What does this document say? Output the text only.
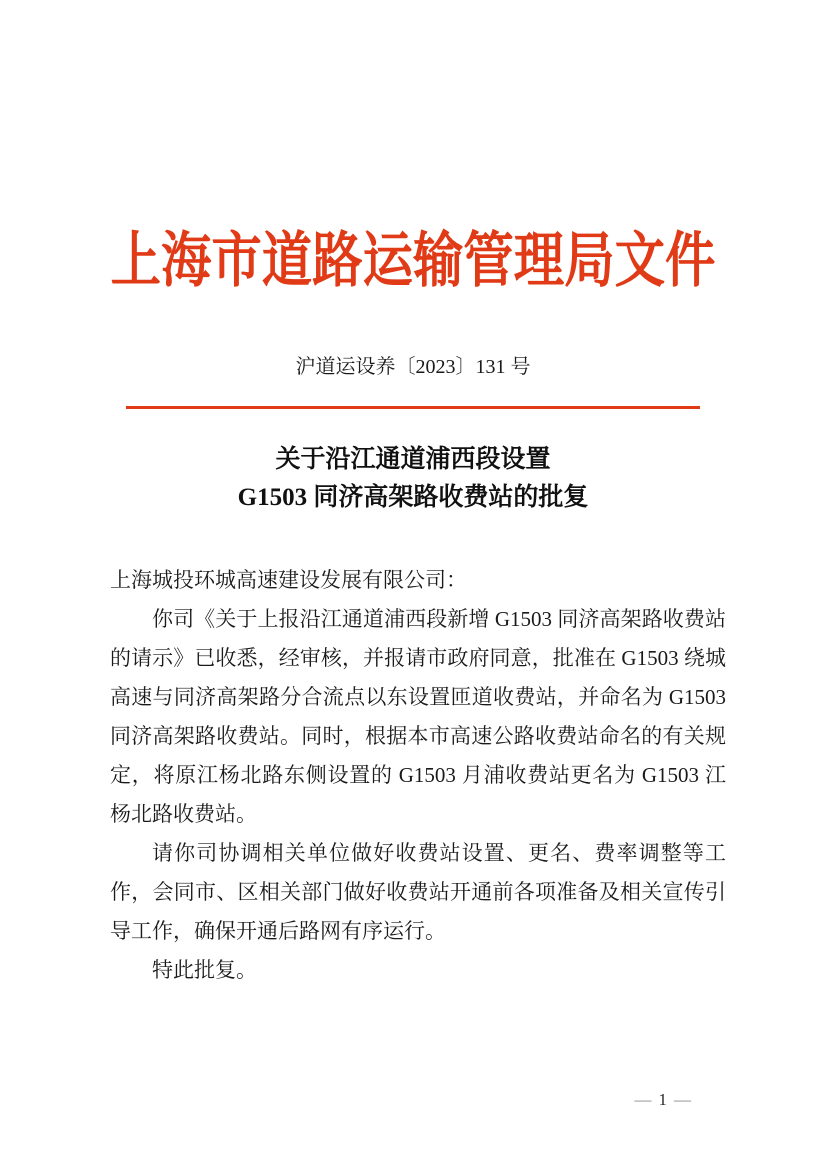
上海市道路运输管理局文件
沪道运设养〔2023〕131 号
关于沿江通道浦西段设置
G1503 同济高架路收费站的批复

上海城投环城高速建设发展有限公司：

你司《关于上报沿江通道浦西段新增 G1503 同济高架路收费站的请示》已收悉，经审核，并报请市政府同意，批准在 G1503 绕城高速与同济高架路分合流点以东设置匝道收费站，并命名为 G1503 同济高架路收费站。同时，根据本市高速公路收费站命名的有关规定，将原江杨北路东侧设置的 G1503 月浦收费站更名为 G1503 江杨北路收费站。

请你司协调相关单位做好收费站设置、更名、费率调整等工作，会同市、区相关部门做好收费站开通前各项准备及相关宣传引导工作，确保开通后路网有序运行。

特此批复。

— 1 —
